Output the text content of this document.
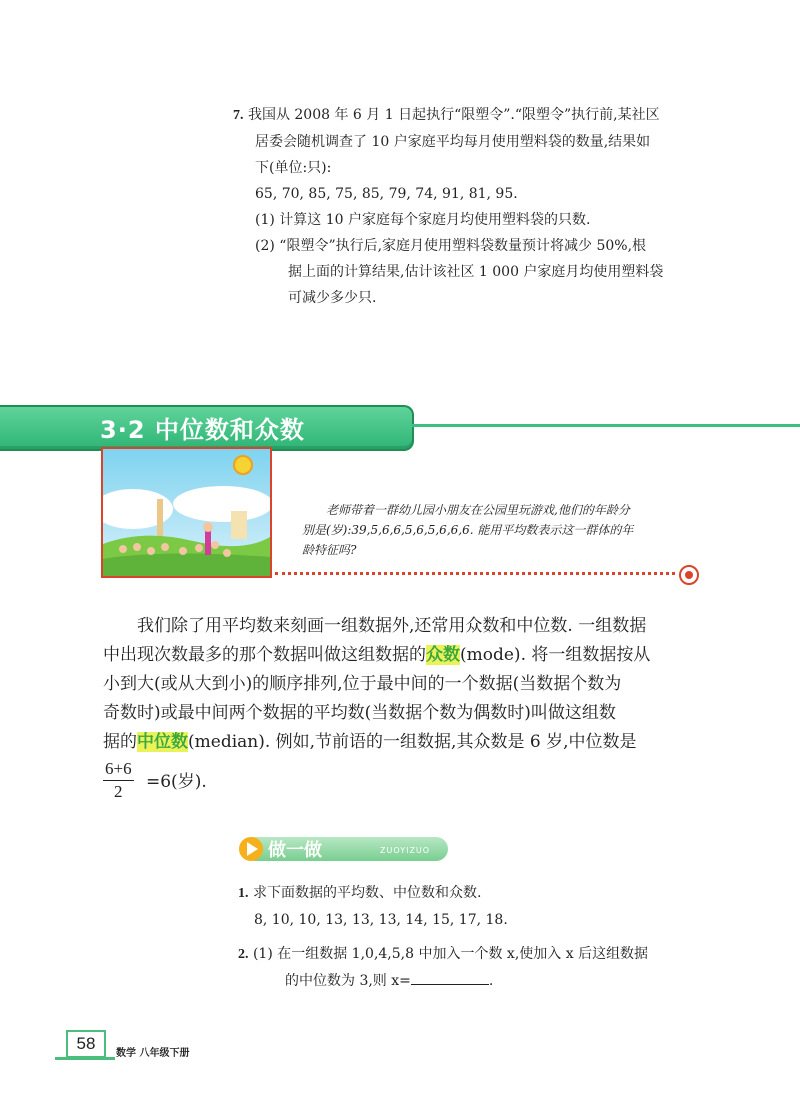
7. 我国从 2008 年 6 月 1 日起执行“限塑令”.“限塑令”执行前,某社区
居委会随机调查了 10 户家庭平均每月使用塑料袋的数量,结果如
下(单位:只):
65, 70, 85, 75, 85, 79, 74, 91, 81, 95.
(1) 计算这 10 户家庭每个家庭月均使用塑料袋的只数.
(2) “限塑令”执行后,家庭月使用塑料袋数量预计将减少 50%,根
据上面的计算结果,估计该社区 1 000 户家庭月均使用塑料袋
可减少多少只.
3·2 中位数和众数
老师带着一群幼儿园小朋友在公园里玩游戏,他们的年龄分
别是(岁):39,5,6,6,5,6,5,6,6,6. 能用平均数表示这一群体的年
龄特征吗?
我们除了用平均数来刻画一组数据外,还常用众数和中位数. 一组数据
中出现次数最多的那个数据叫做这组数据的众数(mode). 将一组数据按从
小到大(或从大到小)的顺序排列,位于最中间的一个数据(当数据个数为
奇数时)或最中间两个数据的平均数(当数据个数为偶数时)叫做这组数
据的中位数(median). 例如,节前语的一组数据,其众数是 6 岁,中位数是
$\frac{6+6}{2} =6$(岁).
做一做	ZUOYIZUO
1. 求下面数据的平均数、中位数和众数.
8, 10, 10, 13, 13, 13, 14, 15, 17, 18.
2. (1) 在一组数据 1,0,4,5,8 中加入一个数 x,使加入 x 后这组数据
的中位数为 3,则 x=	.
58
数学 八年级下册
